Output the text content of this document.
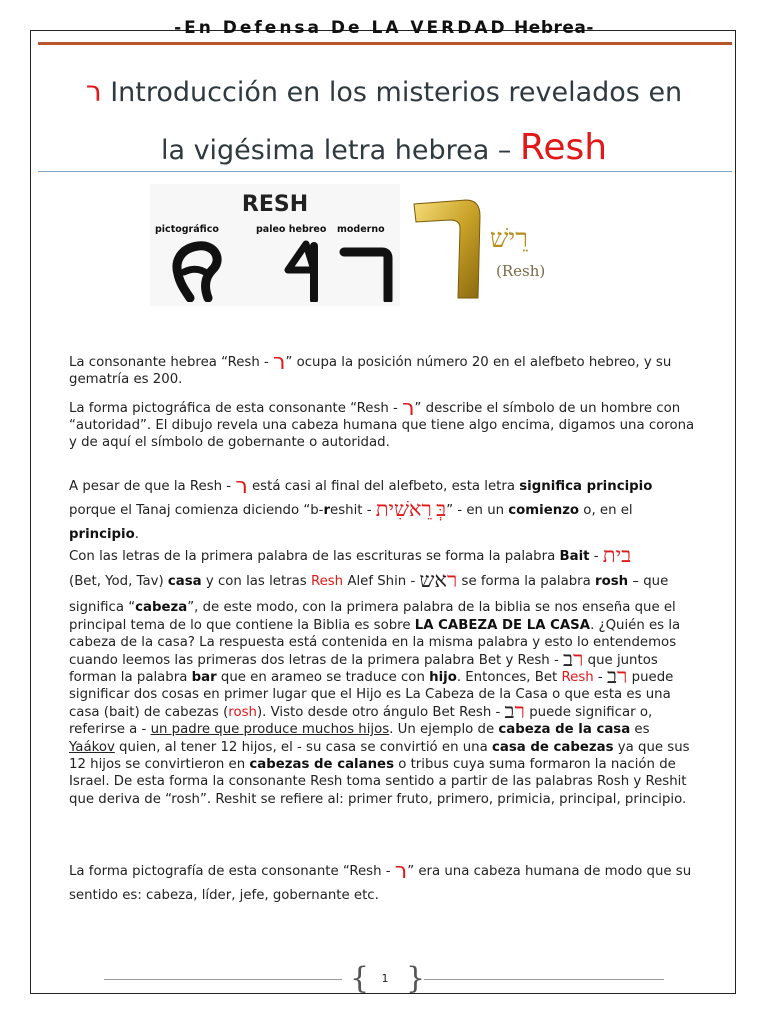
-En Defensa De LA VERDAD Hebrea-
ר Introducción en los misterios revelados en
la vigésima letra hebrea – Resh
RESH
pictográfico	paleo hebreo moderno	רֵישׁ
(Resh)
La consonante hebrea “Resh - ר” ocupa la posición número 20 en el alefbeto hebreo, y su gematría es 200.
La forma pictográfica de esta consonante “Resh - ר” describe el símbolo de un hombre con “autoridad”. El dibujo revela una cabeza humana que tiene algo encima, digamos una corona y de aquí el símbolo de gobernante o autoridad.
A pesar de que la Resh - ר está casi al final del alefbeto, esta letra significa principio porque el Tanaj comienza diciendo “b-reshit -	בְּ רֵאשִׁית ” - en un comienzo o, en el principio.
Con las letras de la primera palabra de las escrituras se forma la palabra Bait - בית
(Bet, Yod, Tav) casa y con las letras Resh Alef Shin - ראש se forma la palabra rosh – que significa “cabeza”, de este modo, con la primera palabra de la biblia se nos enseña que el principal tema de lo que contiene la Biblia es sobre LA CABEZA DE LA CASA. ¿Quién es la cabeza de la casa? La respuesta está contenida en la misma palabra y esto lo entendemos cuando leemos las primeras dos letras de la primera palabra Bet y Resh - רב que juntos forman la palabra bar que en arameo se traduce con hijo. Entonces, Bet Resh - רב puede significar dos cosas en primer lugar que el Hijo es La Cabeza de la Casa o que esta es una casa (bait) de cabezas (rosh). Visto desde otro ángulo Bet Resh - רב puede significar o, referirse a - un padre que produce muchos hijos. Un ejemplo de cabeza de la casa es Yaákov quien, al tener 12 hijos, el - su casa se convirtió en una casa de cabezas ya que sus 12 hijos se convirtieron en cabezas de calanes o tribus cuya suma formaron la nación de Israel. De esta forma la consonante Resh toma sentido a partir de las palabras Rosh y Reshit que deriva de “rosh”. Reshit se refiere al: primer fruto, primero, primicia, principal, principio.
La forma pictografía de esta consonante “Resh - ר” era una cabeza humana de modo que su sentido es: cabeza, líder, jefe, gobernante etc.
{ }
1
